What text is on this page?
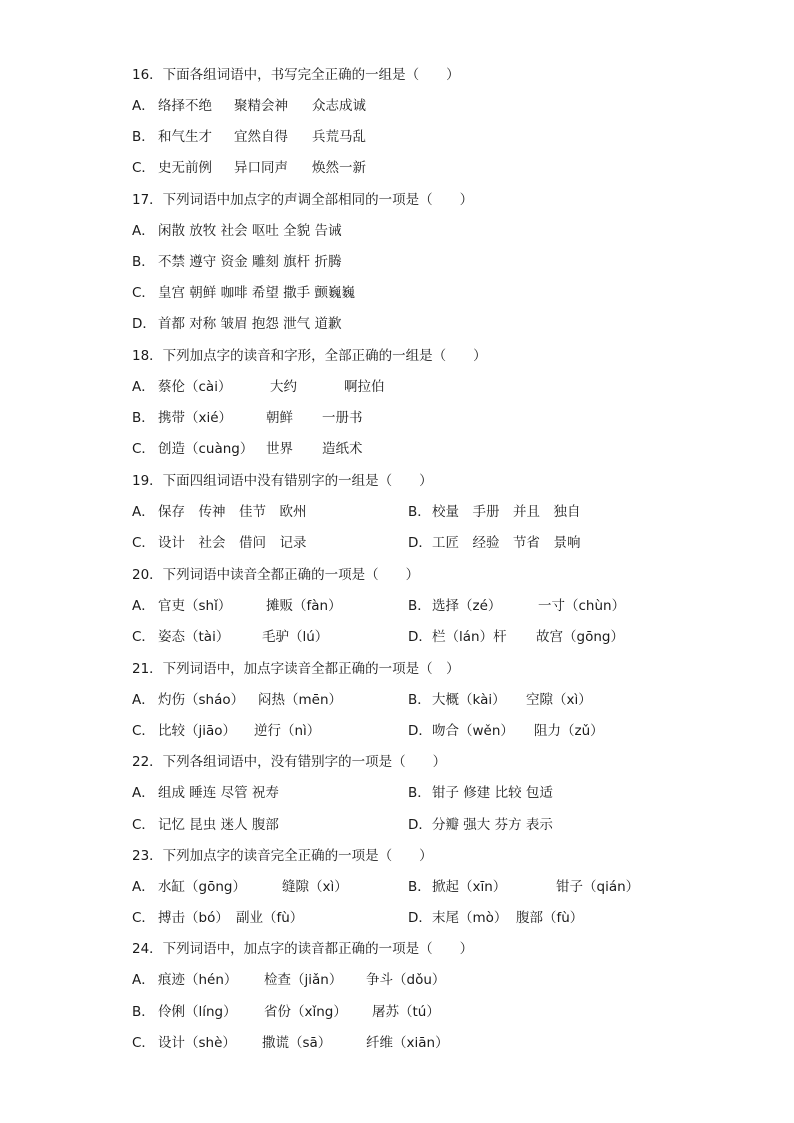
16．下面各组词语中，书写完全正确的一组是（　　）
A． 络择不绝 聚精会神 众志成诚
B． 和气生才 宜然自得 兵荒马乱
C． 史无前例 异口同声 焕然一新
17．下列词语中加点字的声调全部相同的一项是（　　）
A． 闲散 放牧 社会 呕吐 全貌 告诫
B． 不禁 遵守 资金 雕刻 旗杆 折腾
C． 皇宫 朝鲜 咖啡 希望 撒手 颤巍巍
D． 首都 对称 皱眉 抱怨 泄气 道歉
18．下列加点字的读音和字形，全部正确的一组是（　　）
A． 蔡伦（cài）	大约	啊拉伯
B． 携带（xié）	朝鲜 一册书
C． 创造（cuàng） 世界 造纸术
19．下面四组词语中没有错别字的一组是（　　）
A． 保存　传神　佳节　欧州	B． 校量　手册　并且　独自
C． 设计　社会　借问　记录	D． 工匠　经验　节省　景响
20．下列词语中读音全都正确的一项是（　　）
A． 官吏（shǐ）	摊贩（fàn）	B． 选择（zé）	一寸（chùn）
C． 姿态（tài） 毛驴（lú）	D． 栏（lán）杆 故宫（gōng）
21．下列词语中，加点字读音全都正确的一项是（　）
A． 灼伤（sháo） 闷热（mēn）	B． 大概（kài） 空隙（xì）
C． 比较（jiāo） 逆行（nì）	D． 吻合（wěn） 阻力（zǔ）
22．下列各组词语中，没有错别字的一项是（　　）
A． 组成 睡连 尽管 祝寿	B． 钳子 修建 比较 包适
C． 记忆 昆虫 迷人 腹部	D． 分瓣 强大 芬方 表示
23．下列加点字的读音完全正确的一项是（　　）
A． 水缸（gōng）	缝隙（xì）	B． 掀起（xīn）	钳子（qián）
C． 搏击（bó） 副业（fù）	D． 末尾（mò） 腹部（fù）
24．下列词语中，加点字的读音都正确的一项是（　　）
A． 痕迹（hén） 检查（jiǎn） 争斗（dǒu）
B． 伶俐（líng） 省份（xǐng） 屠苏（tú）
C． 设计（shè） 撒谎（sā）	纤维（xiān）
